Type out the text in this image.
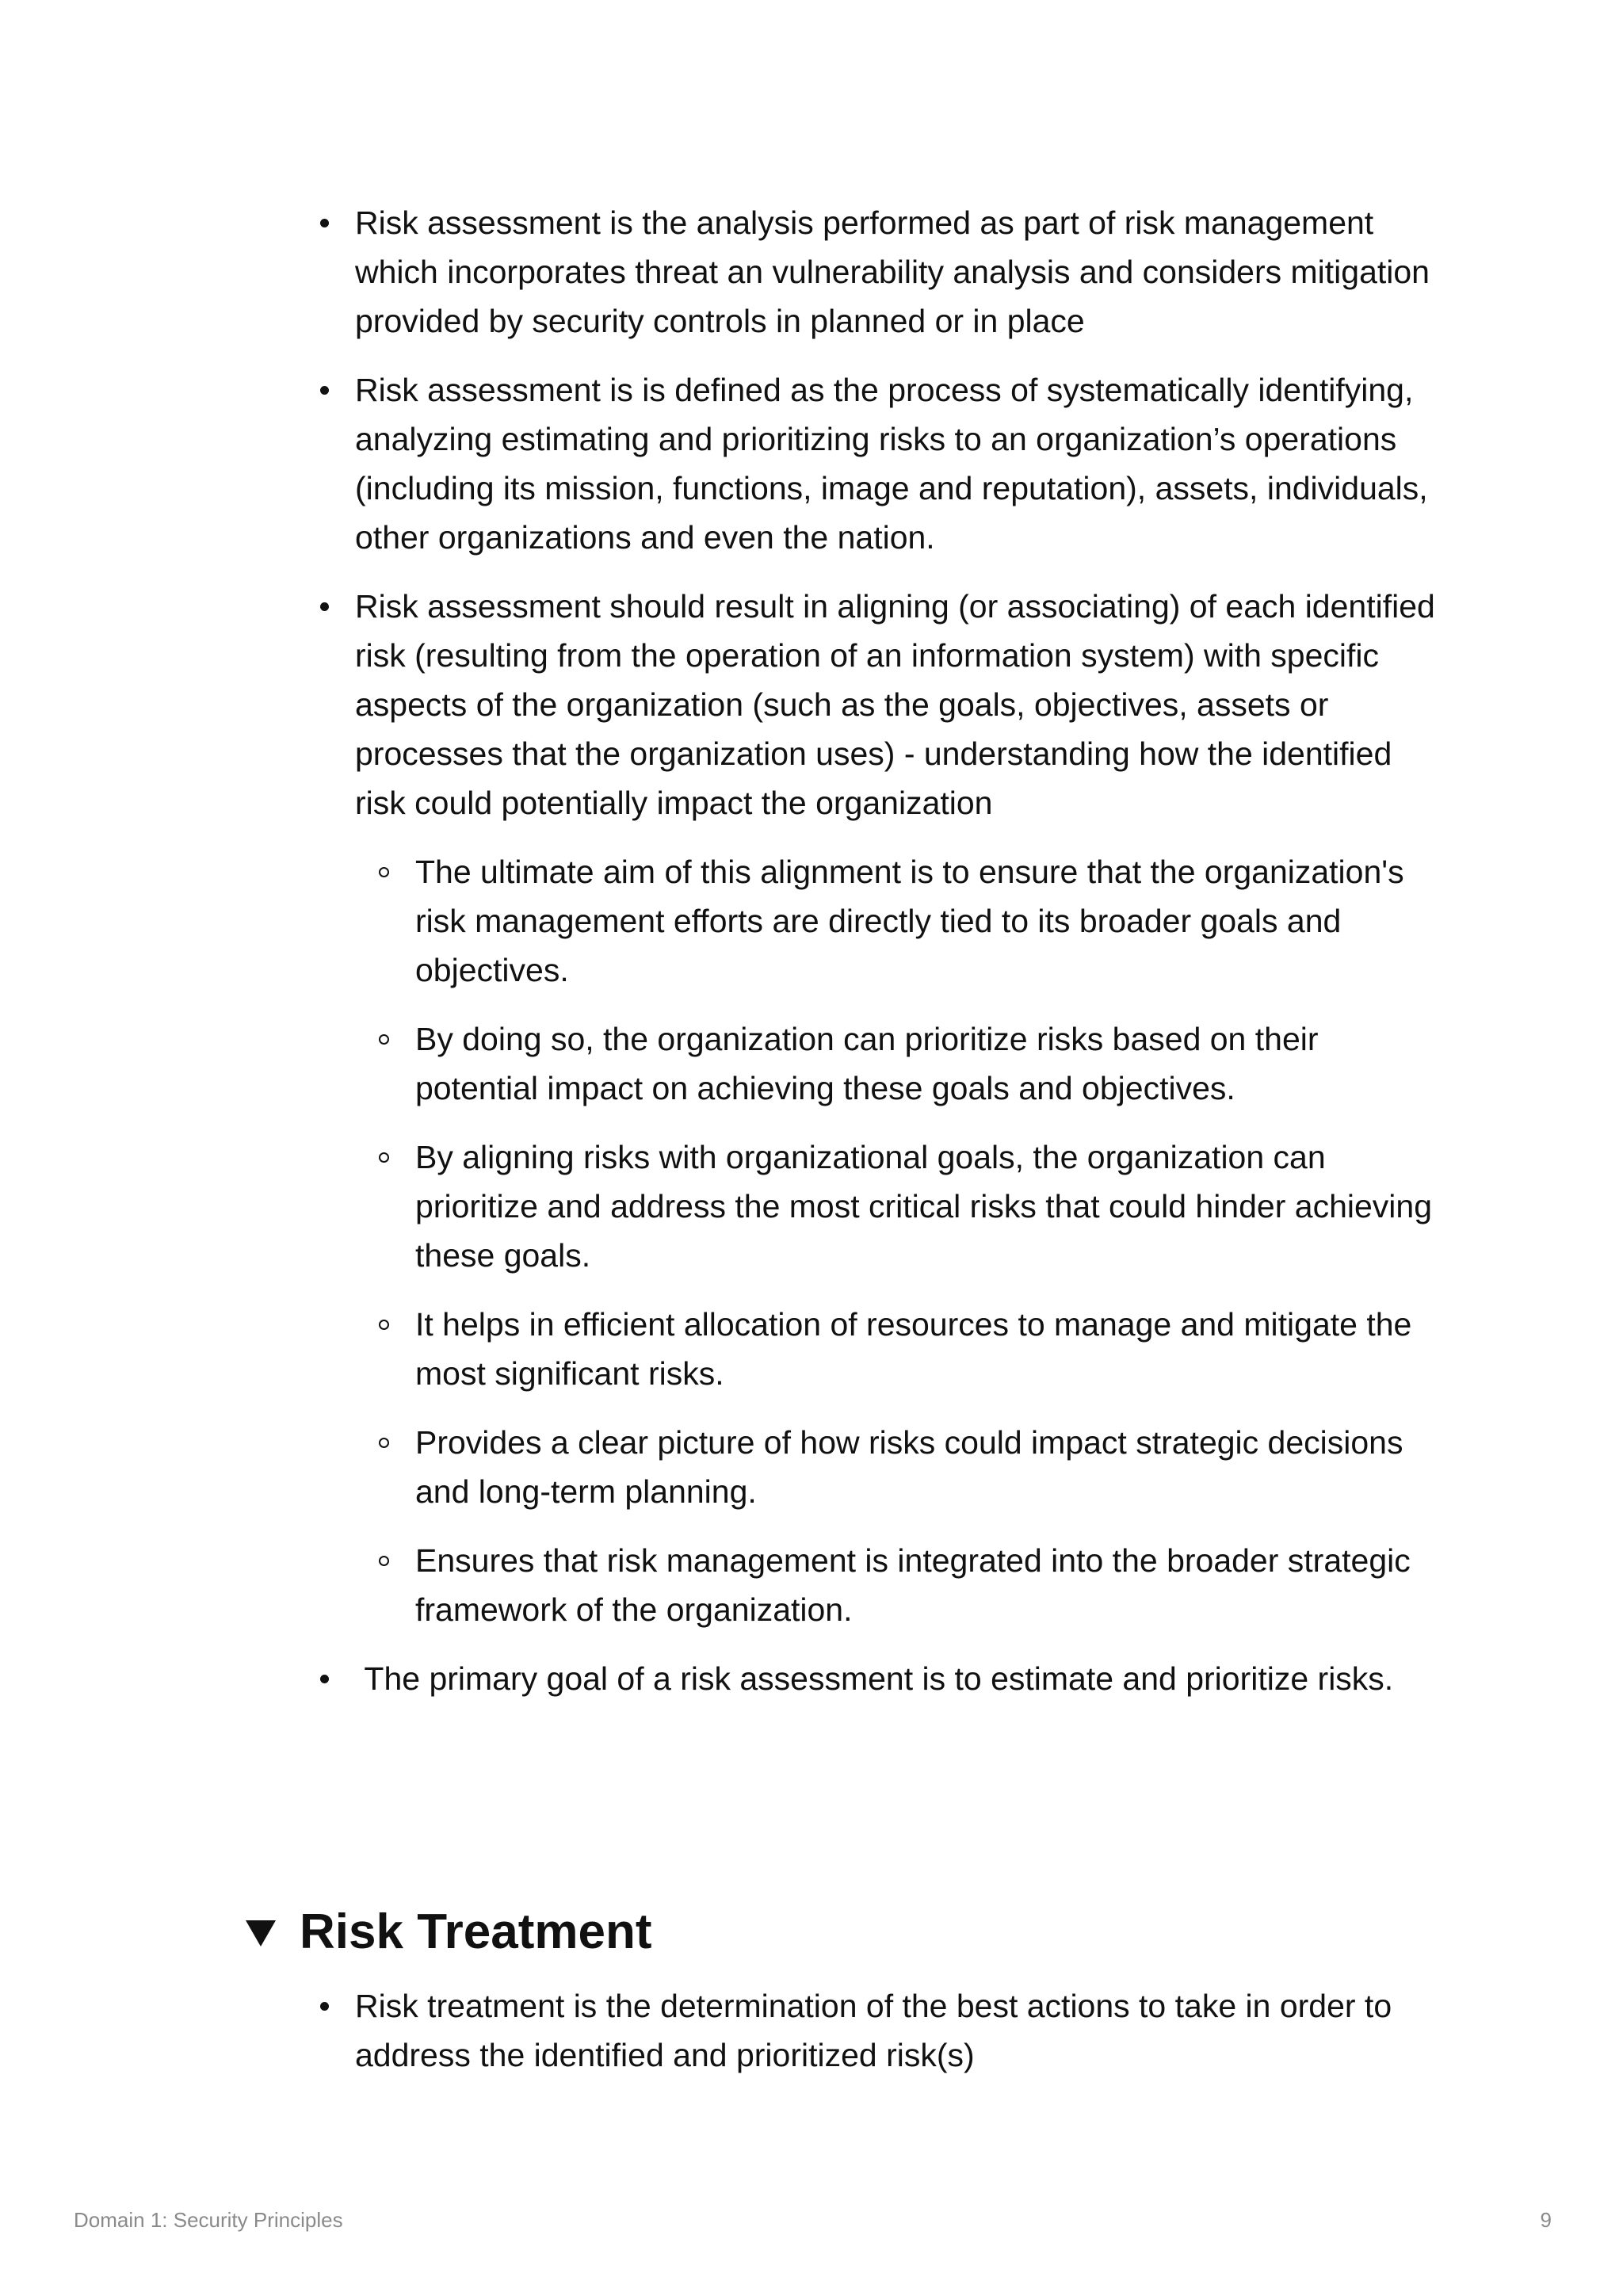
Risk assessment is the analysis performed as part of risk management which incorporates threat an vulnerability analysis and considers mitigation provided by security controls in planned or in place
Risk assessment is is defined as the process of systematically identifying, analyzing estimating and prioritizing risks to an organization’s operations (including its mission, functions, image and reputation), assets, individuals, other organizations and even the nation.
Risk assessment should result in aligning (or associating) of each identified risk (resulting from the operation of an information system) with specific aspects of the organization (such as the goals, objectives, assets or processes that the organization uses) - understanding how the identified risk could potentially impact the organization
The ultimate aim of this alignment is to ensure that the organization's risk management efforts are directly tied to its broader goals and objectives.
By doing so, the organization can prioritize risks based on their potential impact on achieving these goals and objectives.
By aligning risks with organizational goals, the organization can prioritize and address the most critical risks that could hinder achieving these goals.
It helps in efficient allocation of resources to manage and mitigate the most significant risks.
Provides a clear picture of how risks could impact strategic decisions and long-term planning.
Ensures that risk management is integrated into the broader strategic framework of the organization.
The primary goal of a risk assessment is to estimate and prioritize risks.
Risk Treatment
Risk treatment is the determination of the best actions to take in order to address the identified and prioritized risk(s)
Domain 1: Security Principles	9
